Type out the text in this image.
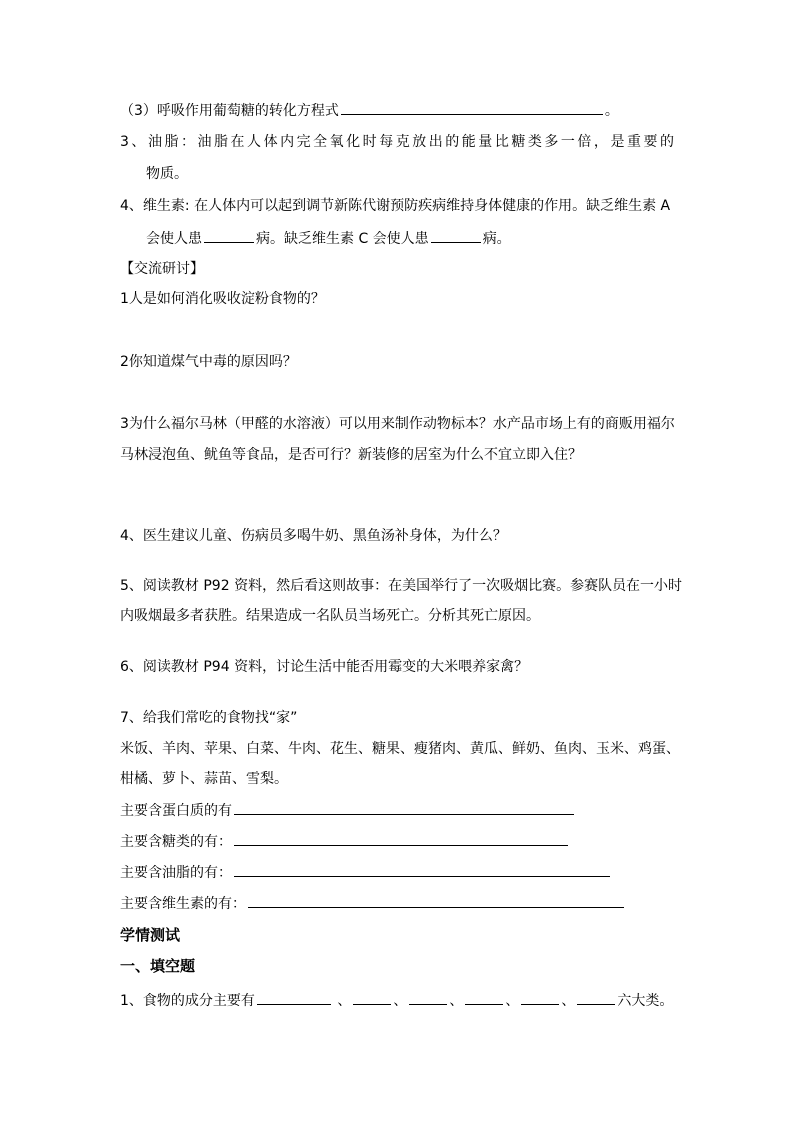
（3）呼吸作用葡萄糖的转化方程式	。
3、油脂：油脂在人体内完全氧化时每克放出的能量比糖类多一倍，是重要的
物质。
4、维生素: 在人体内可以起到调节新陈代谢预防疾病维持身体健康的作用。缺乏维生素 A
会使人患	病。缺乏维生素 C 会使人患	病。
【交流研讨】
1人是如何消化吸收淀粉食物的？
2你知道煤气中毒的原因吗？
3为什么福尔马林（甲醛的水溶液）可以用来制作动物标本？水产品市场上有的商贩用福尔
马林浸泡鱼、鱿鱼等食品，是否可行？新装修的居室为什么不宜立即入住？
4、医生建议儿童、伤病员多喝牛奶、黑鱼汤补身体，为什么？
5、阅读教材 P92 资料，然后看这则故事：在美国举行了一次吸烟比赛。参赛队员在一小时
内吸烟最多者获胜。结果造成一名队员当场死亡。分析其死亡原因。
6、阅读教材 P94 资料，讨论生活中能否用霉变的大米喂养家禽？
7、给我们常吃的食物找“家”
米饭、羊肉、苹果、白菜、牛肉、花生、糖果、瘦猪肉、黄瓜、鲜奶、鱼肉、玉米、鸡蛋、
柑橘、萝卜、蒜苗、雪梨。
主要含蛋白质的有
主要含糖类的有：
主要含油脂的有：
主要含维生素的有：
学情测试
一、填空题
1、食物的成分主要有	、	、	、	、	、	六大类。
